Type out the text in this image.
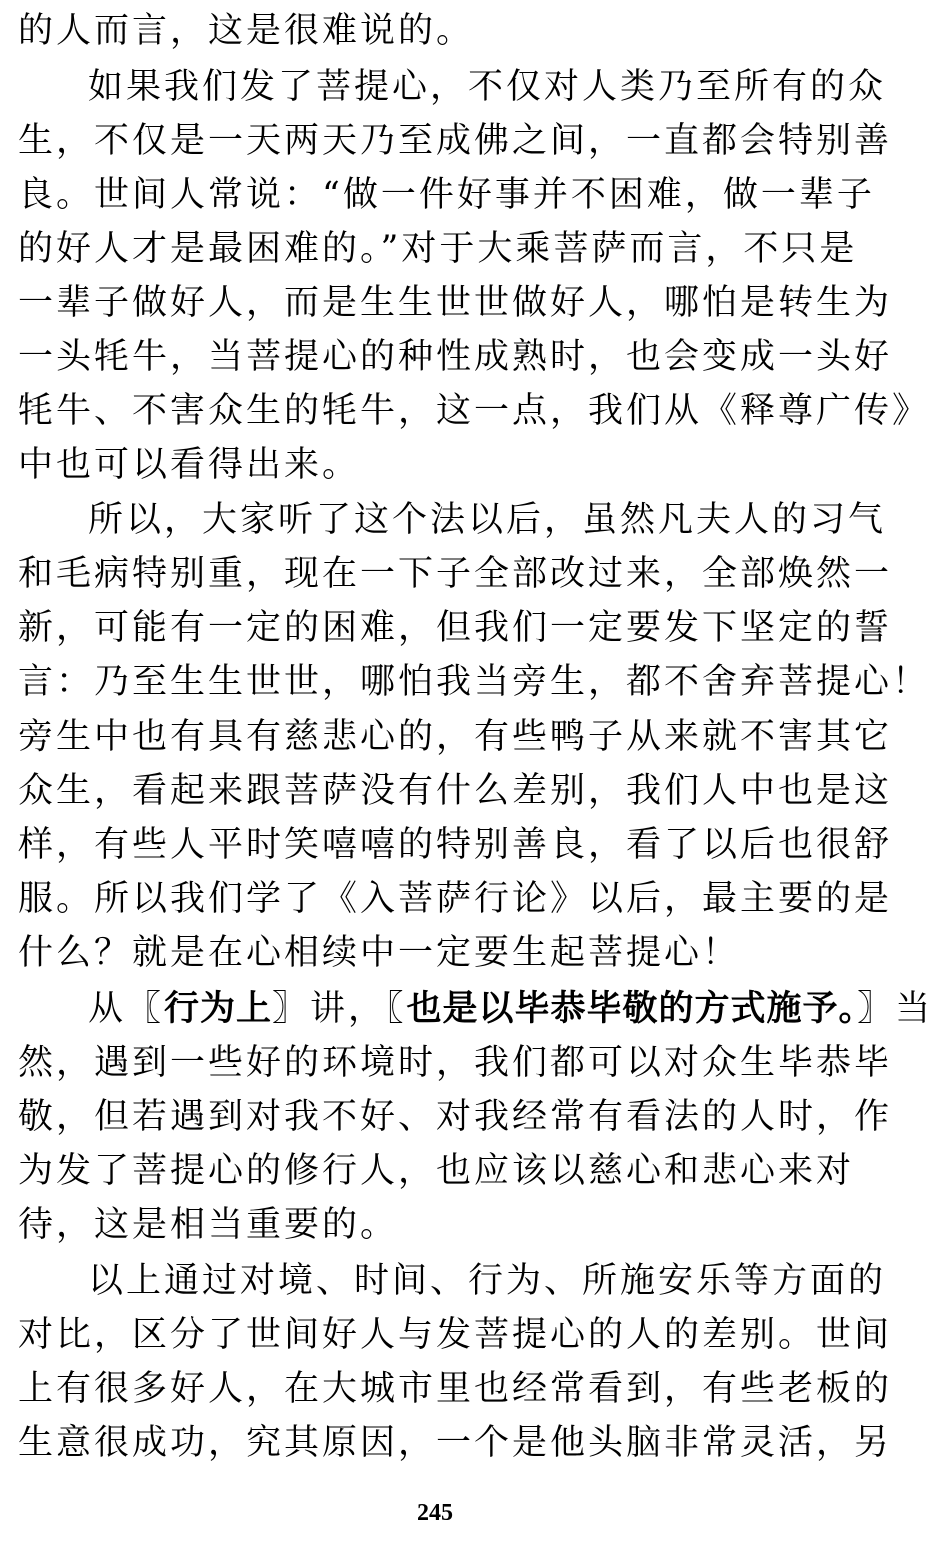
的人而言，这是很难说的。
如果我们发了菩提心，不仅对人类乃至所有的众
生，不仅是一天两天乃至成佛之间，一直都会特别善
良。世间人常说：“做一件好事并不困难，做一辈子
的好人才是最困难的。”对于大乘菩萨而言，不只是
一辈子做好人，而是生生世世做好人，哪怕是转生为
一头牦牛，当菩提心的种性成熟时，也会变成一头好
牦牛、不害众生的牦牛，这一点，我们从《释尊广传》
中也可以看得出来。
所以，大家听了这个法以后，虽然凡夫人的习气
和毛病特别重，现在一下子全部改过来，全部焕然一
新，可能有一定的困难，但我们一定要发下坚定的誓
言：乃至生生世世，哪怕我当旁生，都不舍弃菩提心！
旁生中也有具有慈悲心的，有些鸭子从来就不害其它
众生，看起来跟菩萨没有什么差别，我们人中也是这
样，有些人平时笑嘻嘻的特别善良，看了以后也很舒
服。所以我们学了《入菩萨行论》以后，最主要的是
什么？就是在心相续中一定要生起菩提心！
从〖行为上〗讲，〖也是以毕恭毕敬的方式施予。〗当
然，遇到一些好的环境时，我们都可以对众生毕恭毕
敬，但若遇到对我不好、对我经常有看法的人时，作
为发了菩提心的修行人，也应该以慈心和悲心来对
待，这是相当重要的。
以上通过对境、时间、行为、所施安乐等方面的
对比，区分了世间好人与发菩提心的人的差别。世间
上有很多好人，在大城市里也经常看到，有些老板的
生意很成功，究其原因，一个是他头脑非常灵活，另
245
